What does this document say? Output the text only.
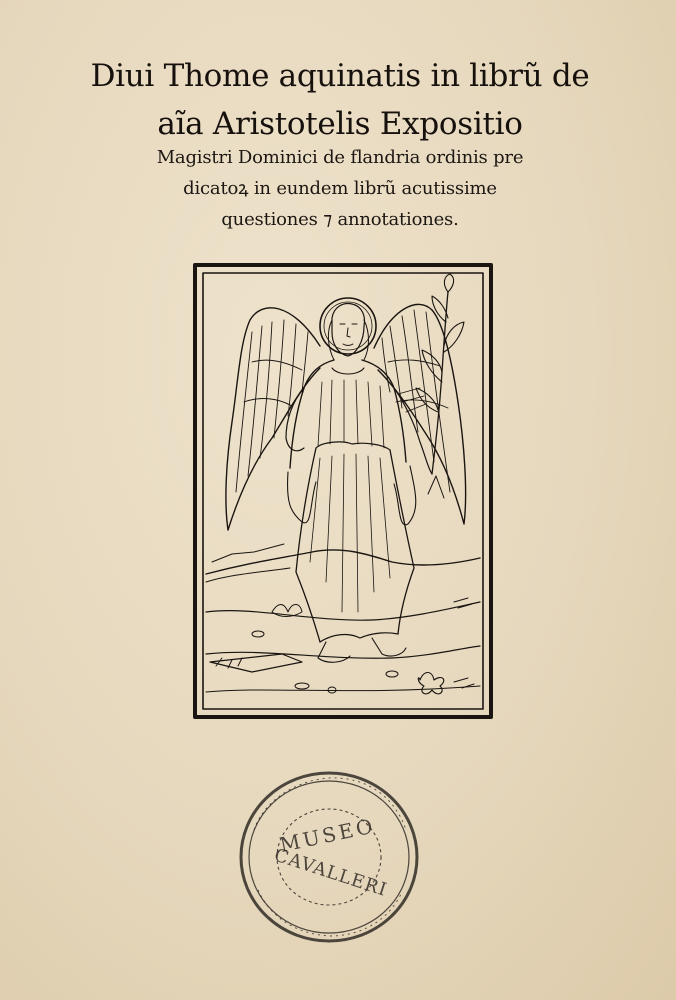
Diui Thome aquinatis in librũ de
aĩa Aristotelis Expositio
Magistri Dominici de flandria ordinis pre
dicatoꝝ in eundem librũ acutissime
questiones ⁊ annotationes.
MUSEO
CAVALLERI
